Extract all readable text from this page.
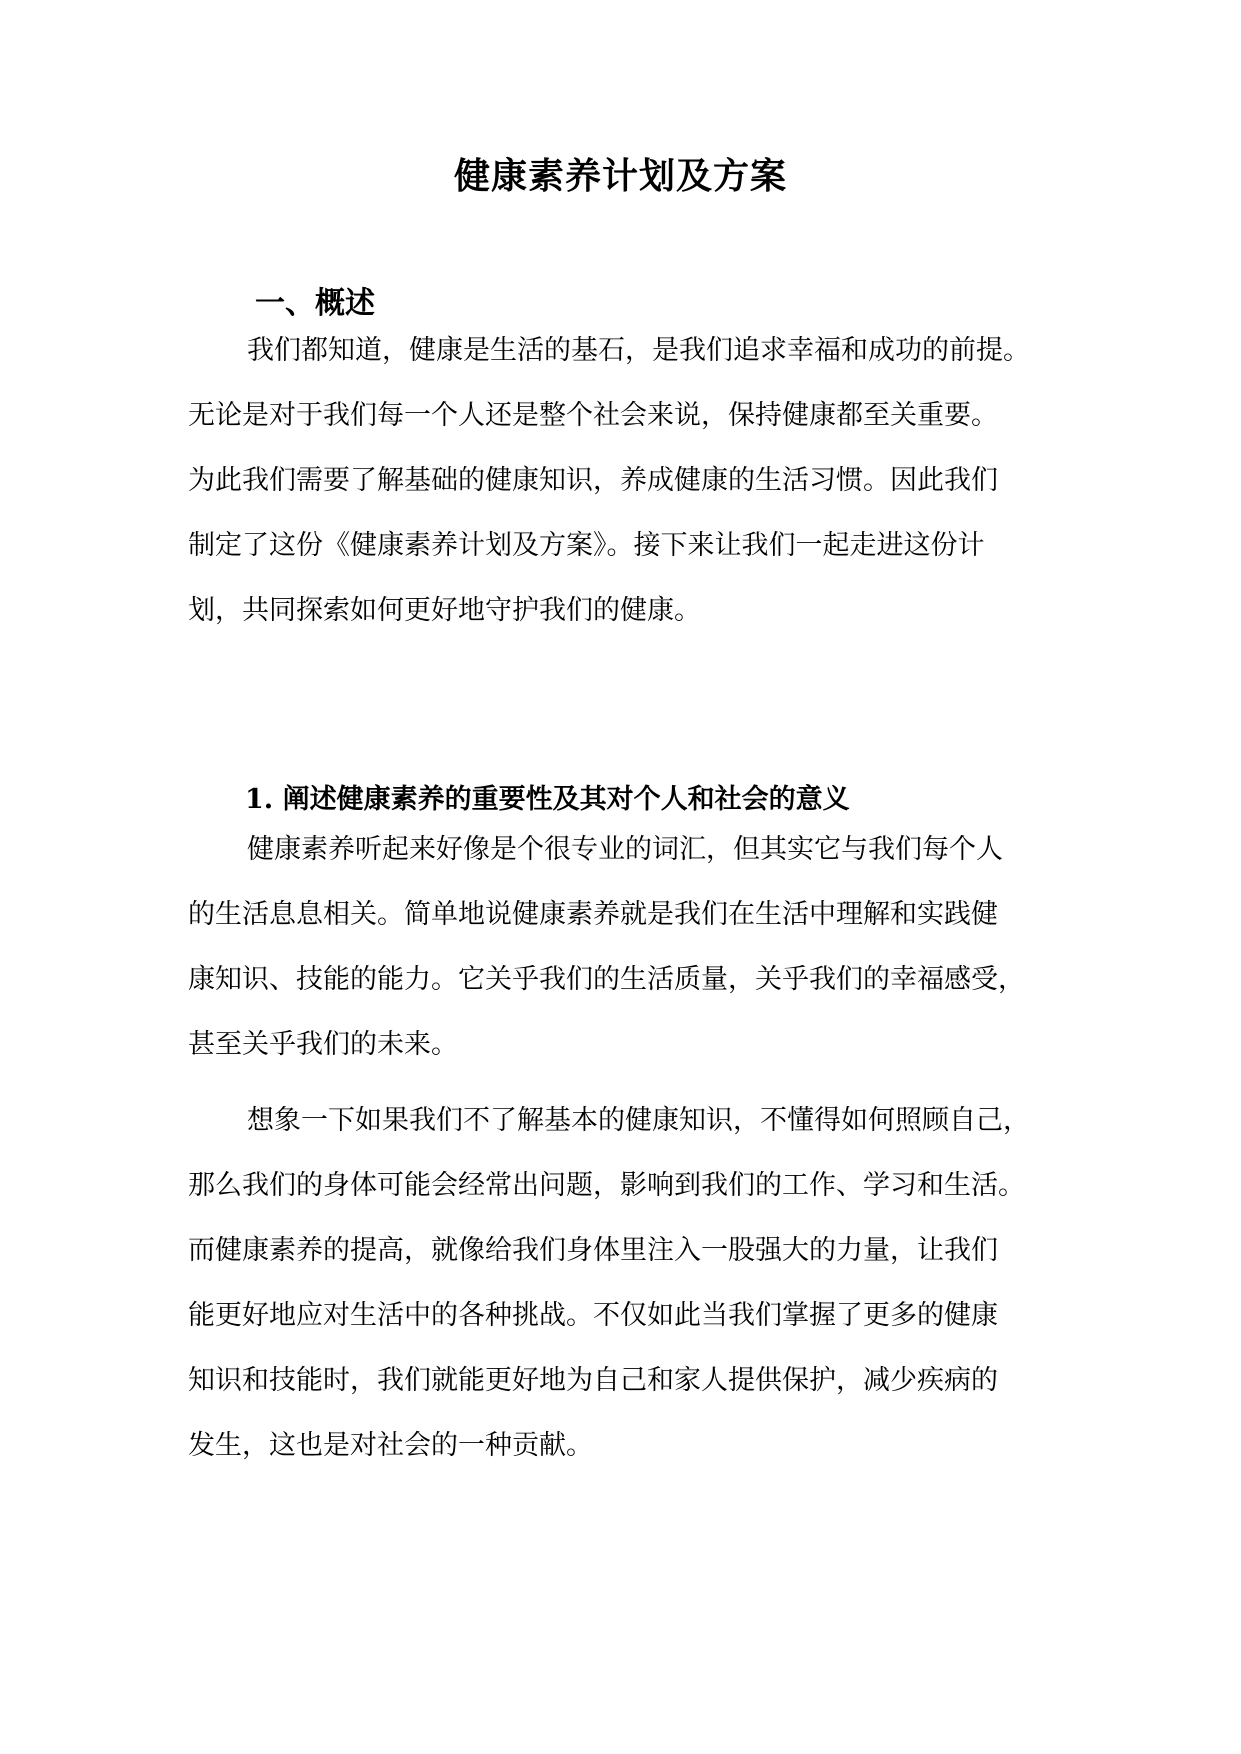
健康素养计划及方案
一、概述
我们都知道，健康是生活的基石，是我们追求幸福和成功的前提。
无论是对于我们每一个人还是整个社会来说，保持健康都至关重要。
为此我们需要了解基础的健康知识，养成健康的生活习惯。因此我们
制定了这份《健康素养计划及方案》。接下来让我们一起走进这份计
划，共同探索如何更好地守护我们的健康。
1. 阐述健康素养的重要性及其对个人和社会的意义
健康素养听起来好像是个很专业的词汇，但其实它与我们每个人
的生活息息相关。简单地说健康素养就是我们在生活中理解和实践健
康知识、技能的能力。它关乎我们的生活质量，关乎我们的幸福感受，
甚至关乎我们的未来。
想象一下如果我们不了解基本的健康知识，不懂得如何照顾自己，
那么我们的身体可能会经常出问题，影响到我们的工作、学习和生活。
而健康素养的提高，就像给我们身体里注入一股强大的力量，让我们
能更好地应对生活中的各种挑战。不仅如此当我们掌握了更多的健康
知识和技能时，我们就能更好地为自己和家人提供保护，减少疾病的
发生，这也是对社会的一种贡献。
